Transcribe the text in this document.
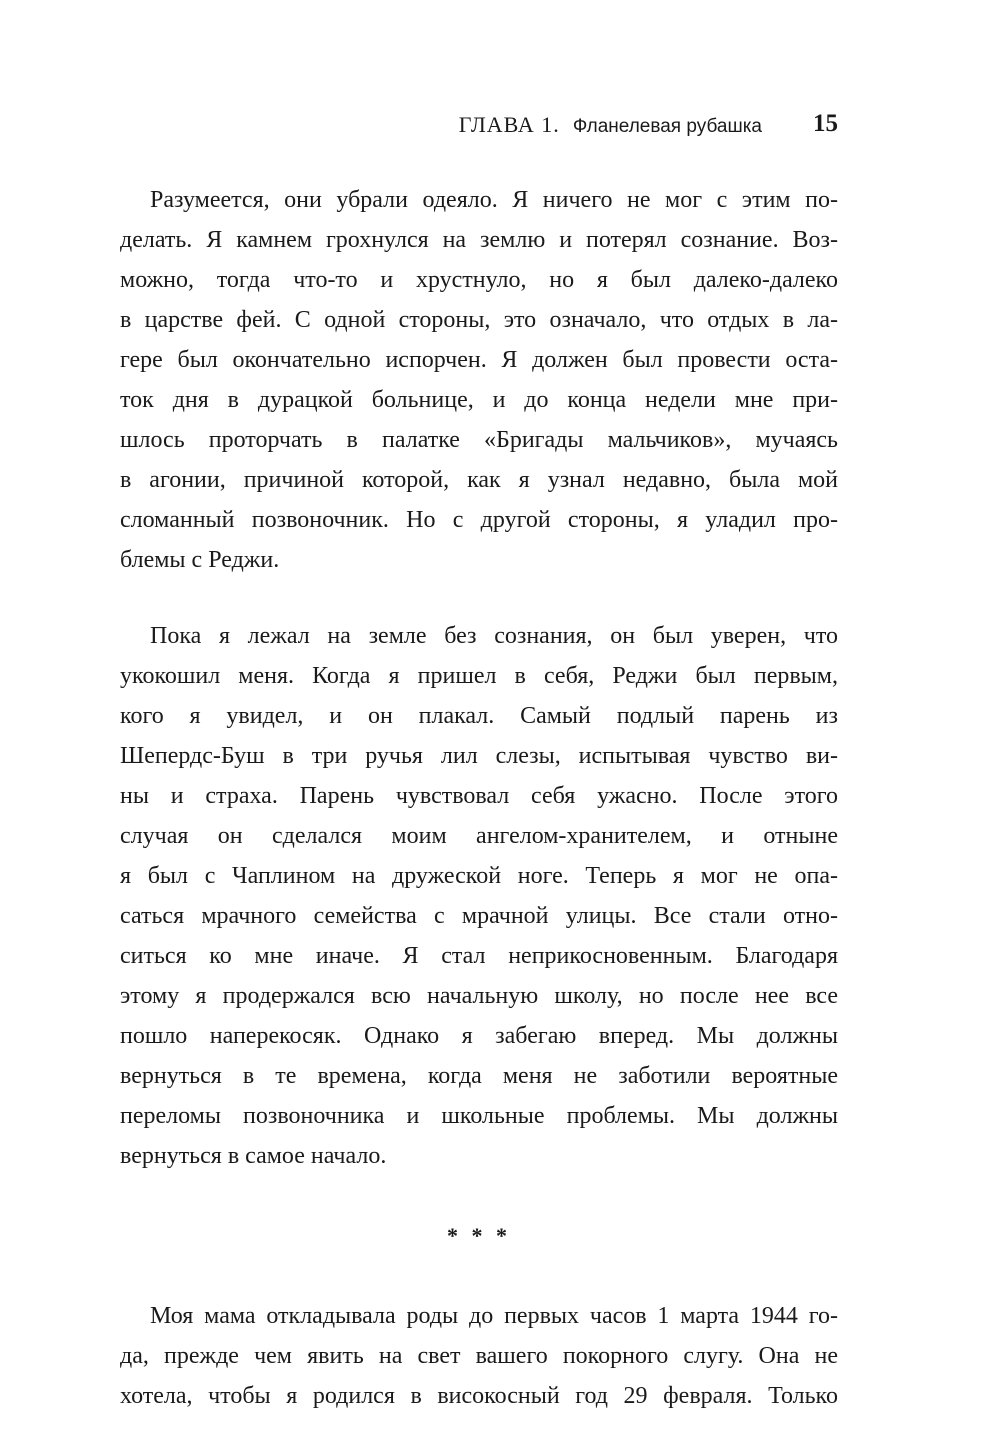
ГЛАВА 1. Фланелевая рубашка 15
Разумеется, они убрали одеяло. Я ничего не мог с этим по-
делать. Я камнем грохнулся на землю и потерял сознание. Воз-
можно, тогда что-то и хрустнуло, но я был далеко-далеко
в царстве фей. С одной стороны, это означало, что отдых в ла-
гере был окончательно испорчен. Я должен был провести оста-
ток дня в дурацкой больнице, и до конца недели мне при-
шлось проторчать в палатке «Бригады мальчиков», мучаясь
в агонии, причиной которой, как я узнал недавно, была мой
сломанный позвоночник. Но с другой стороны, я уладил про-
блемы с Реджи.
Пока я лежал на земле без сознания, он был уверен, что
укокошил меня. Когда я пришел в себя, Реджи был первым,
кого я увидел, и он плакал. Самый подлый парень из
Шепердс-Буш в три ручья лил слезы, испытывая чувство ви-
ны и страха. Парень чувствовал себя ужасно. После этого
случая он сделался моим ангелом-хранителем, и отныне
я был с Чаплином на дружеской ноге. Теперь я мог не опа-
саться мрачного семейства с мрачной улицы. Все стали отно-
ситься ко мне иначе. Я стал неприкосновенным. Благодаря
этому я продержался всю начальную школу, но после нее все
пошло наперекосяк. Однако я забегаю вперед. Мы должны
вернуться в те времена, когда меня не заботили вероятные
переломы позвоночника и школьные проблемы. Мы должны
вернуться в самое начало.
* * *
Моя мама откладывала роды до первых часов 1 марта 1944 го-
да, прежде чем явить на свет вашего покорного слугу. Она не
хотела, чтобы я родился в високосный год 29 февраля. Только
